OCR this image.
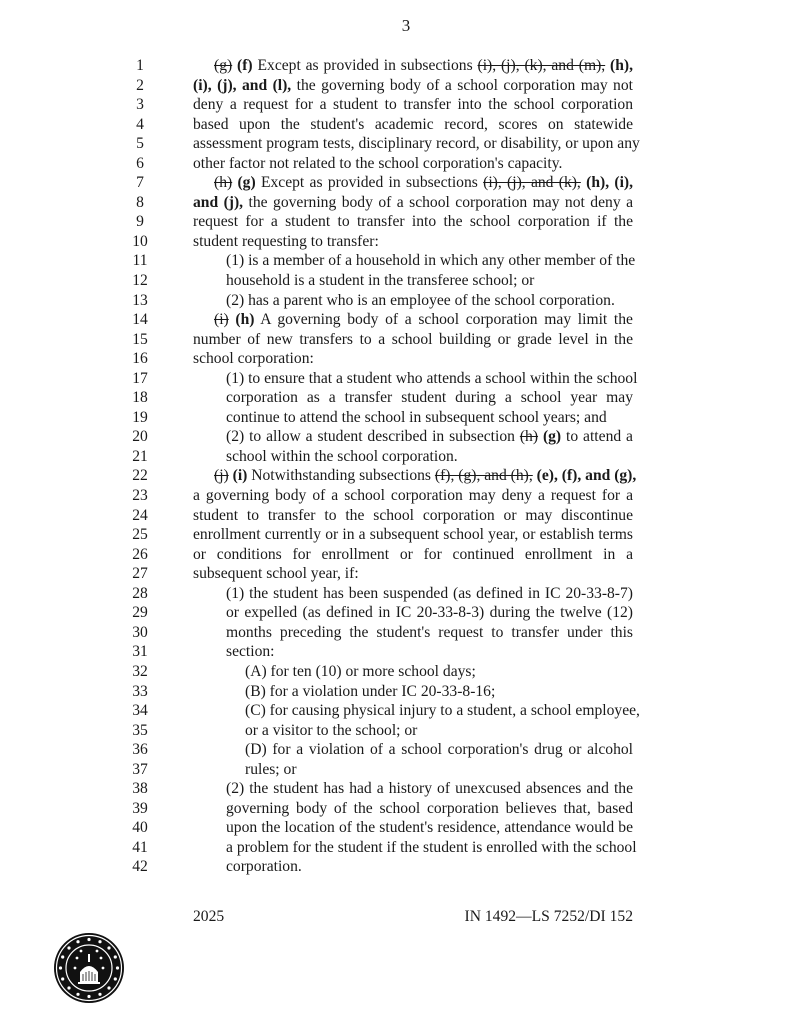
3
1	(g) (f) Except as provided in subsections (i), (j), (k), and (m), (h),
2	(i), (j), and (l), the governing body of a school corporation may not
3	deny a request for a student to transfer into the school corporation
4	based upon the student's academic record, scores on statewide
5	assessment program tests, disciplinary record, or disability, or upon any
6	other factor not related to the school corporation's capacity.
7	(h) (g) Except as provided in subsections (i), (j), and (k), (h), (i),
8	and (j), the governing body of a school corporation may not deny a
9	request for a student to transfer into the school corporation if the
10	student requesting to transfer:
11	(1) is a member of a household in which any other member of the
12	household is a student in the transferee school; or
13	(2) has a parent who is an employee of the school corporation.
14	(i) (h) A governing body of a school corporation may limit the
15	number of new transfers to a school building or grade level in the
16	school corporation:
17	(1) to ensure that a student who attends a school within the school
18	corporation as a transfer student during a school year may
19	continue to attend the school in subsequent school years; and
20	(2) to allow a student described in subsection (h) (g) to attend a
21	school within the school corporation.
22	(j) (i) Notwithstanding subsections (f), (g), and (h), (e), (f), and (g),
23	a governing body of a school corporation may deny a request for a
24	student to transfer to the school corporation or may discontinue
25	enrollment currently or in a subsequent school year, or establish terms
26	or conditions for enrollment or for continued enrollment in a
27	subsequent school year, if:
28	(1) the student has been suspended (as defined in IC 20-33-8-7)
29	or expelled (as defined in IC 20-33-8-3) during the twelve (12)
30	months preceding the student's request to transfer under this
31	section:
32	(A) for ten (10) or more school days;
33	(B) for a violation under IC 20-33-8-16;
34	(C) for causing physical injury to a student, a school employee,
35	or a visitor to the school; or
36	(D) for a violation of a school corporation's drug or alcohol
37	rules; or
38	(2) the student has had a history of unexcused absences and the
39	governing body of the school corporation believes that, based
40	upon the location of the student's residence, attendance would be
41	a problem for the student if the student is enrolled with the school
42	corporation.
2025	IN 1492—LS 7252/DI 152
